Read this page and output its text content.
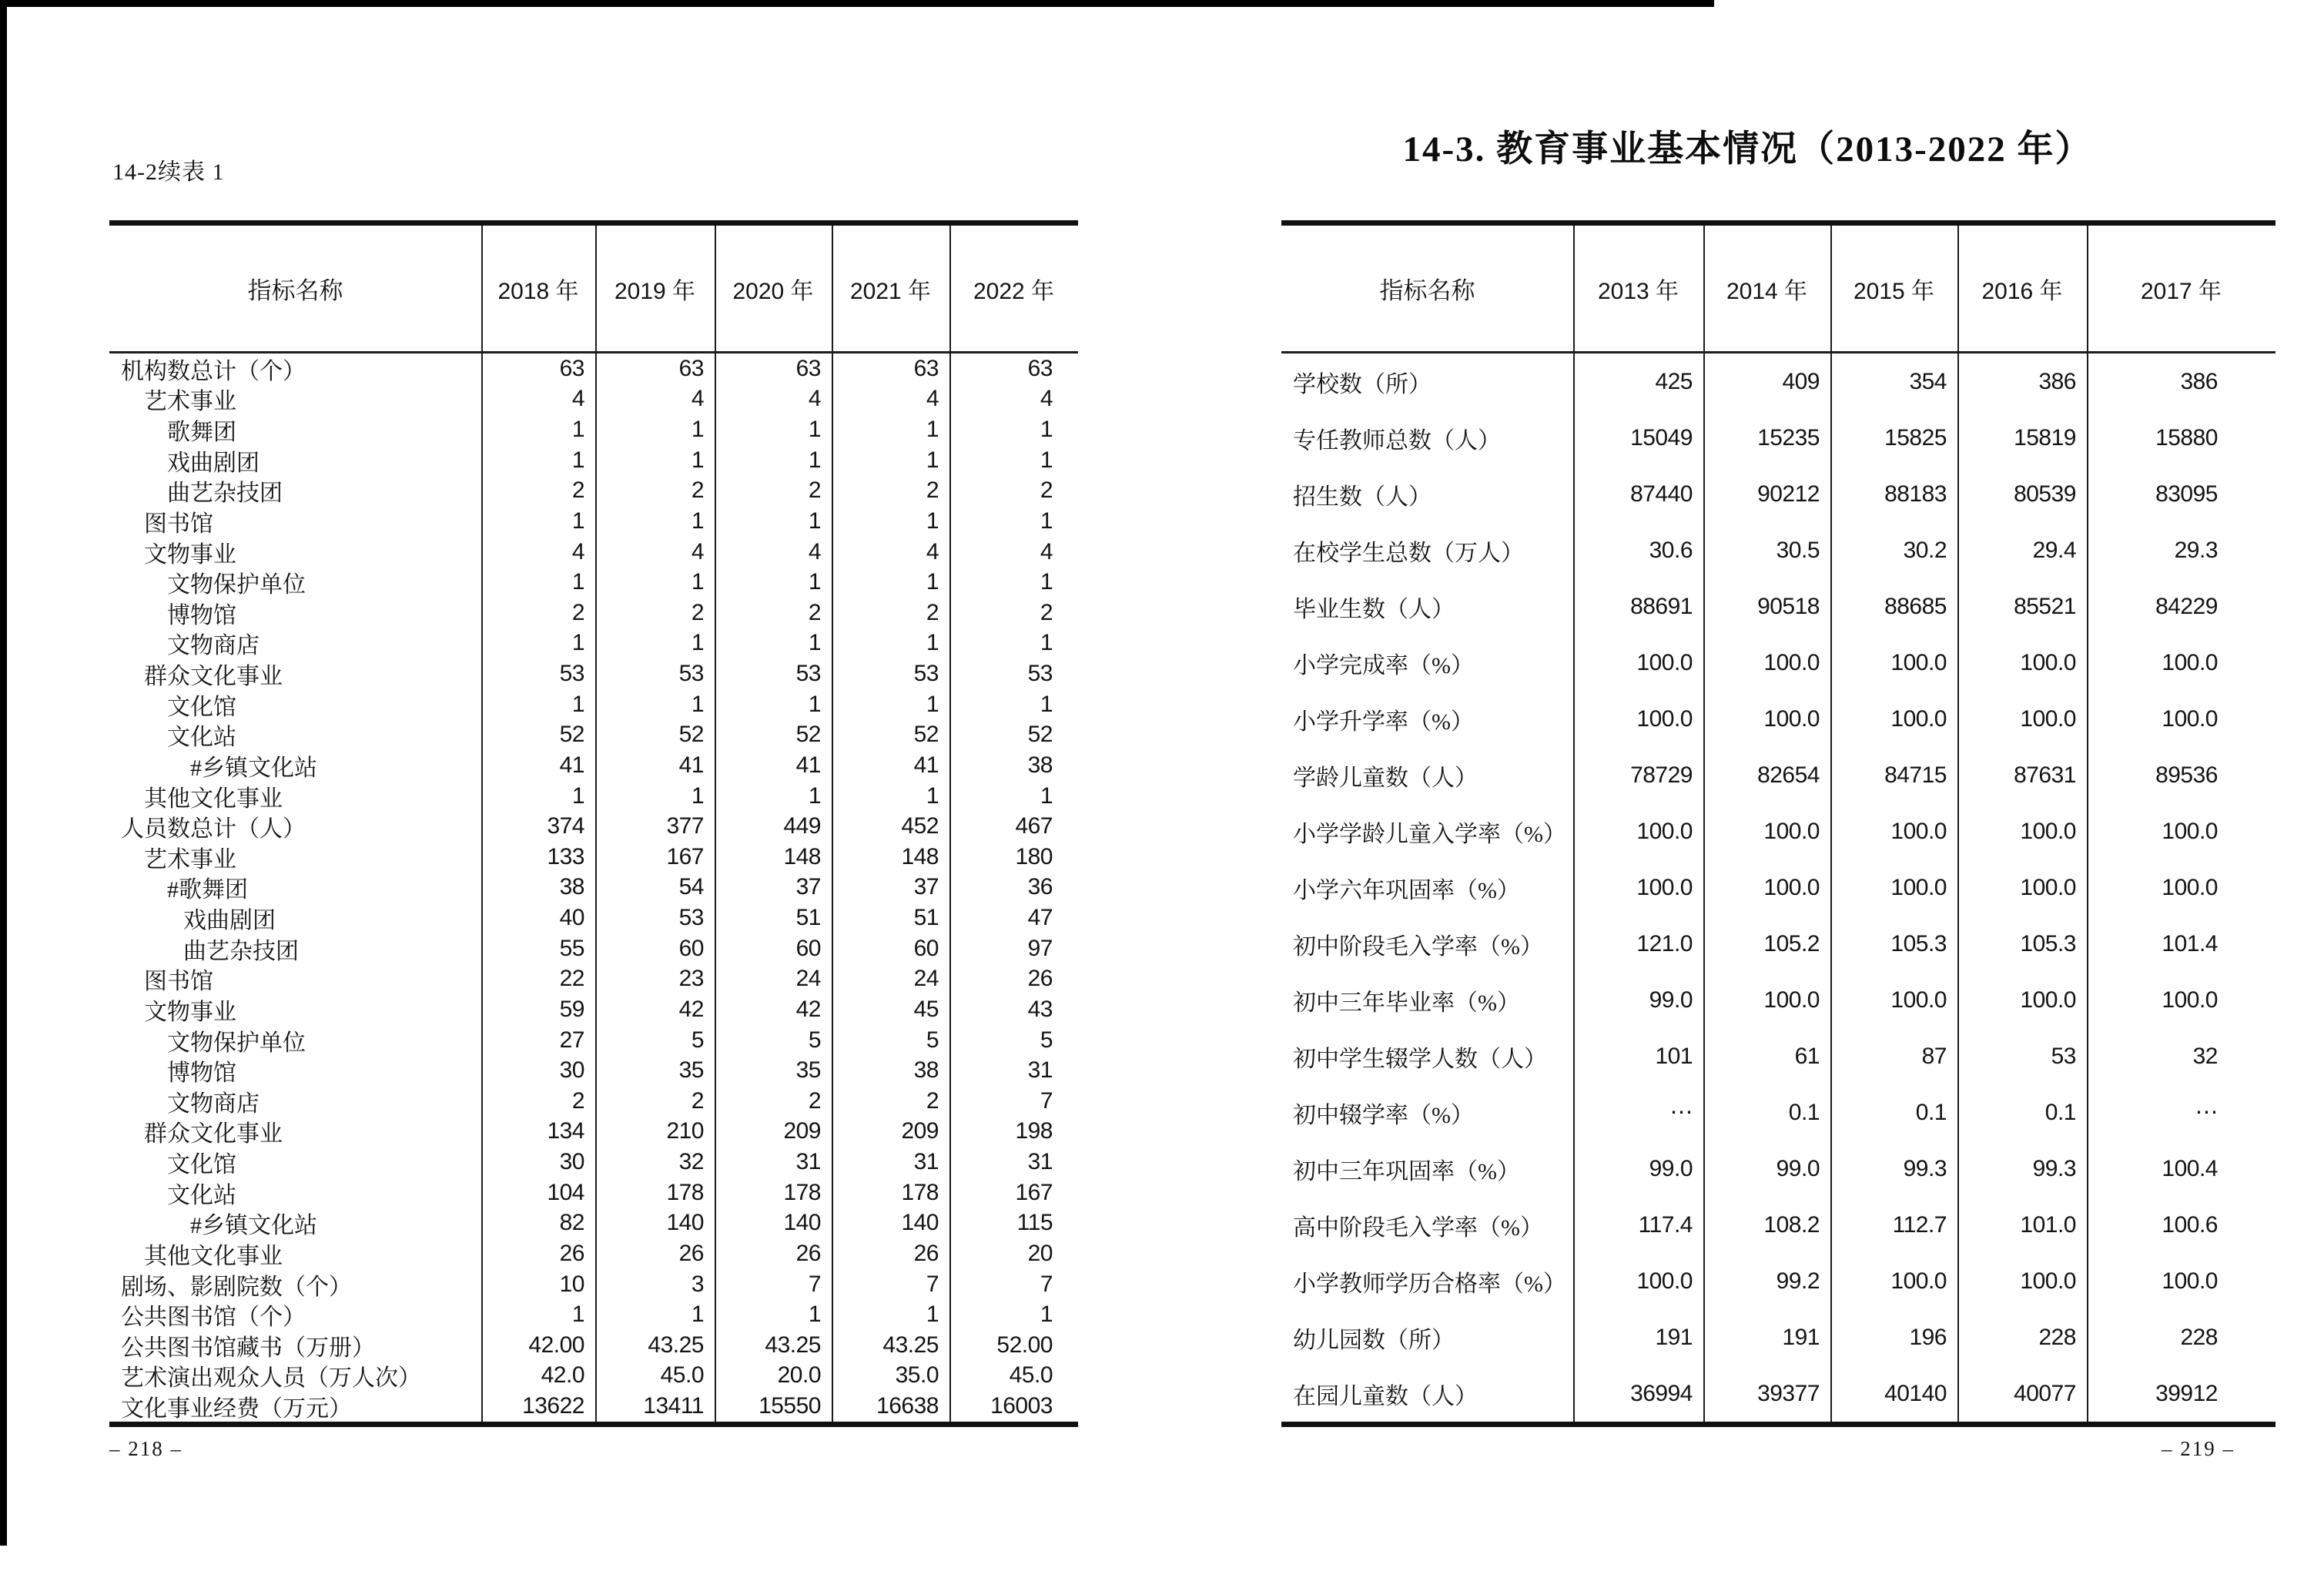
14-2续表 1
指标名称	2018 年	2019 年	2020 年	2021 年	2022 年
机构数总计（个）	63	63	63	63	63
艺术事业	4	4	4	4	4
歌舞团	1	1	1	1	1
戏曲剧团	1	1	1	1	1
曲艺杂技团	2	2	2	2	2
图书馆	1	1	1	1	1
文物事业	4	4	4	4	4
文物保护单位	1	1	1	1	1
博物馆	2	2	2	2	2
文物商店	1	1	1	1	1
群众文化事业	53	53	53	53	53
文化馆	1	1	1	1	1
文化站	52	52	52	52	52
#乡镇文化站	41	41	41	41	38
其他文化事业	1	1	1	1	1
人员数总计（人）	374	377	449	452	467
艺术事业	133	167	148	148	180
#歌舞团	38	54	37	37	36
戏曲剧团	40	53	51	51	47
曲艺杂技团	55	60	60	60	97
图书馆	22	23	24	24	26
文物事业	59	42	42	45	43
文物保护单位	27	5	5	5	5
博物馆	30	35	35	38	31
文物商店	2	2	2	2	7
群众文化事业	134	210	209	209	198
文化馆	30	32	31	31	31
文化站	104	178	178	178	167
#乡镇文化站	82	140	140	140	115
其他文化事业	26	26	26	26	20
剧场、影剧院数（个）	10	3	7	7	7
公共图书馆（个）	1	1	1	1	1
公共图书馆藏书（万册）	42.00	43.25	43.25	43.25	52.00
艺术演出观众人员（万人次）	42.0	45.0	20.0	35.0	45.0
文化事业经费（万元）	13622	13411	15550	16638	16003
– 218 –
14-3. 教育事业基本情况（2013-2022 年）
指标名称	2013 年	2014 年	2015 年	2016 年	2017 年
学校数（所）	425	409	354	386	386
专任教师总数（人）	15049	15235	15825	15819	15880
招生数（人）	87440	90212	88183	80539	83095
在校学生总数（万人）	30.6	30.5	30.2	29.4	29.3
毕业生数（人）	88691	90518	88685	85521	84229
小学完成率（%）	100.0	100.0	100.0	100.0	100.0
小学升学率（%）	100.0	100.0	100.0	100.0	100.0
学龄儿童数（人）	78729	82654	84715	87631	89536
小学学龄儿童入学率（%）	100.0	100.0	100.0	100.0	100.0
小学六年巩固率（%）	100.0	100.0	100.0	100.0	100.0
初中阶段毛入学率（%）	121.0	105.2	105.3	105.3	101.4
初中三年毕业率（%）	99.0	100.0	100.0	100.0	100.0
初中学生辍学人数（人）	101	61	87	53	32
初中辍学率（%）	⋯	0.1	0.1	0.1	⋯
初中三年巩固率（%）	99.0	99.0	99.3	99.3	100.4
高中阶段毛入学率（%）	117.4	108.2	112.7	101.0	100.6
小学教师学历合格率（%）	100.0	99.2	100.0	100.0	100.0
幼儿园数（所）	191	191	196	228	228
在园儿童数（人）	36994	39377	40140	40077	39912
– 219 –
